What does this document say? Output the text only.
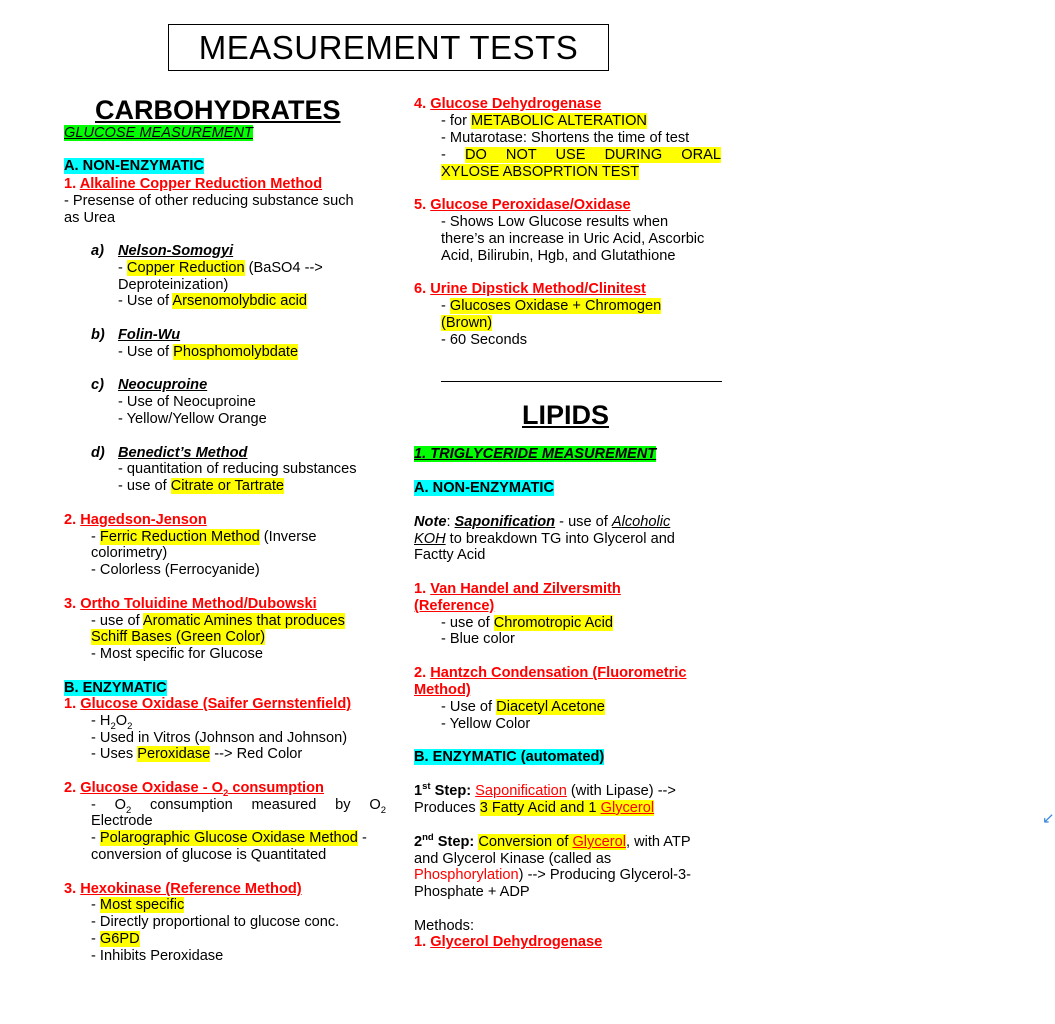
MEASUREMENT TESTS
CARBOHYDRATES
GLUCOSE MEASUREMENT
A. NON-ENZYMATIC
1. Alkaline Copper Reduction Method
- Presense of other reducing substance such
as Urea
a) Nelson-Somogyi
- Copper Reduction (BaSO4 -->
Deproteinization)
- Use of Arsenomolybdic acid
b) Folin-Wu
- Use of Phosphomolybdate
c) Neocuproine
- Use of Neocuproine
- Yellow/Yellow Orange
d) Benedict’s Method
- quantitation of reducing substances
- use of Citrate or Tartrate
2. Hagedson-Jenson
- Ferric Reduction Method (Inverse
colorimetry)
- Colorless (Ferrocyanide)
3. Ortho Toluidine Method/Dubowski
- use of Aromatic Amines that produces
Schiff Bases (Green Color)
- Most specific for Glucose
B. ENZYMATIC
1. Glucose Oxidase (Saifer Gernstenfield)
- $H_2O_2$
- Used in Vitros (Johnson and Johnson)
- Uses Peroxidase --> Red Color
2. Glucose Oxidase - $O_2$ consumption
- $O_2$ consumption measured by $O_2$
Electrode
- Polarographic Glucose Oxidase Method -
conversion of glucose is Quantitated
3. Hexokinase (Reference Method)
- Most specific
- Directly proportional to glucose conc.
- G6PD
- Inhibits Peroxidase
4. Glucose Dehydrogenase
- for METABOLIC ALTERATION
- Mutarotase: Shortens the time of test
- DO NOT USE DURING ORAL
XYLOSE ABSOPRTION TEST
5. Glucose Peroxidase/Oxidase
- Shows Low Glucose results when
there’s an increase in Uric Acid, Ascorbic
Acid, Bilirubin, Hgb, and Glutathione
6. Urine Dipstick Method/Clinitest
- Glucoses Oxidase + Chromogen
(Brown)
- 60 Seconds
LIPIDS
1. TRIGLYCERIDE MEASUREMENT
A. NON-ENZYMATIC
Note: Saponification - use of Alcoholic
KOH to breakdown TG into Glycerol and
Factty Acid
1. Van Handel and Zilversmith
(Reference)
- use of Chromotropic Acid
- Blue color
2. Hantzch Condensation (Fluorometric
Method)
- Use of Diacetyl Acetone
- Yellow Color
B. ENZYMATIC (automated)
1st Step: Saponification (with Lipase) -->
Produces 3 Fatty Acid and 1 Glycerol
↙
2nd Step: Conversion of Glycerol, with ATP
and Glycerol Kinase (called as
Phosphorylation) --> Producing Glycerol-3-
Phosphate + ADP
Methods:
1. Glycerol Dehydrogenase
